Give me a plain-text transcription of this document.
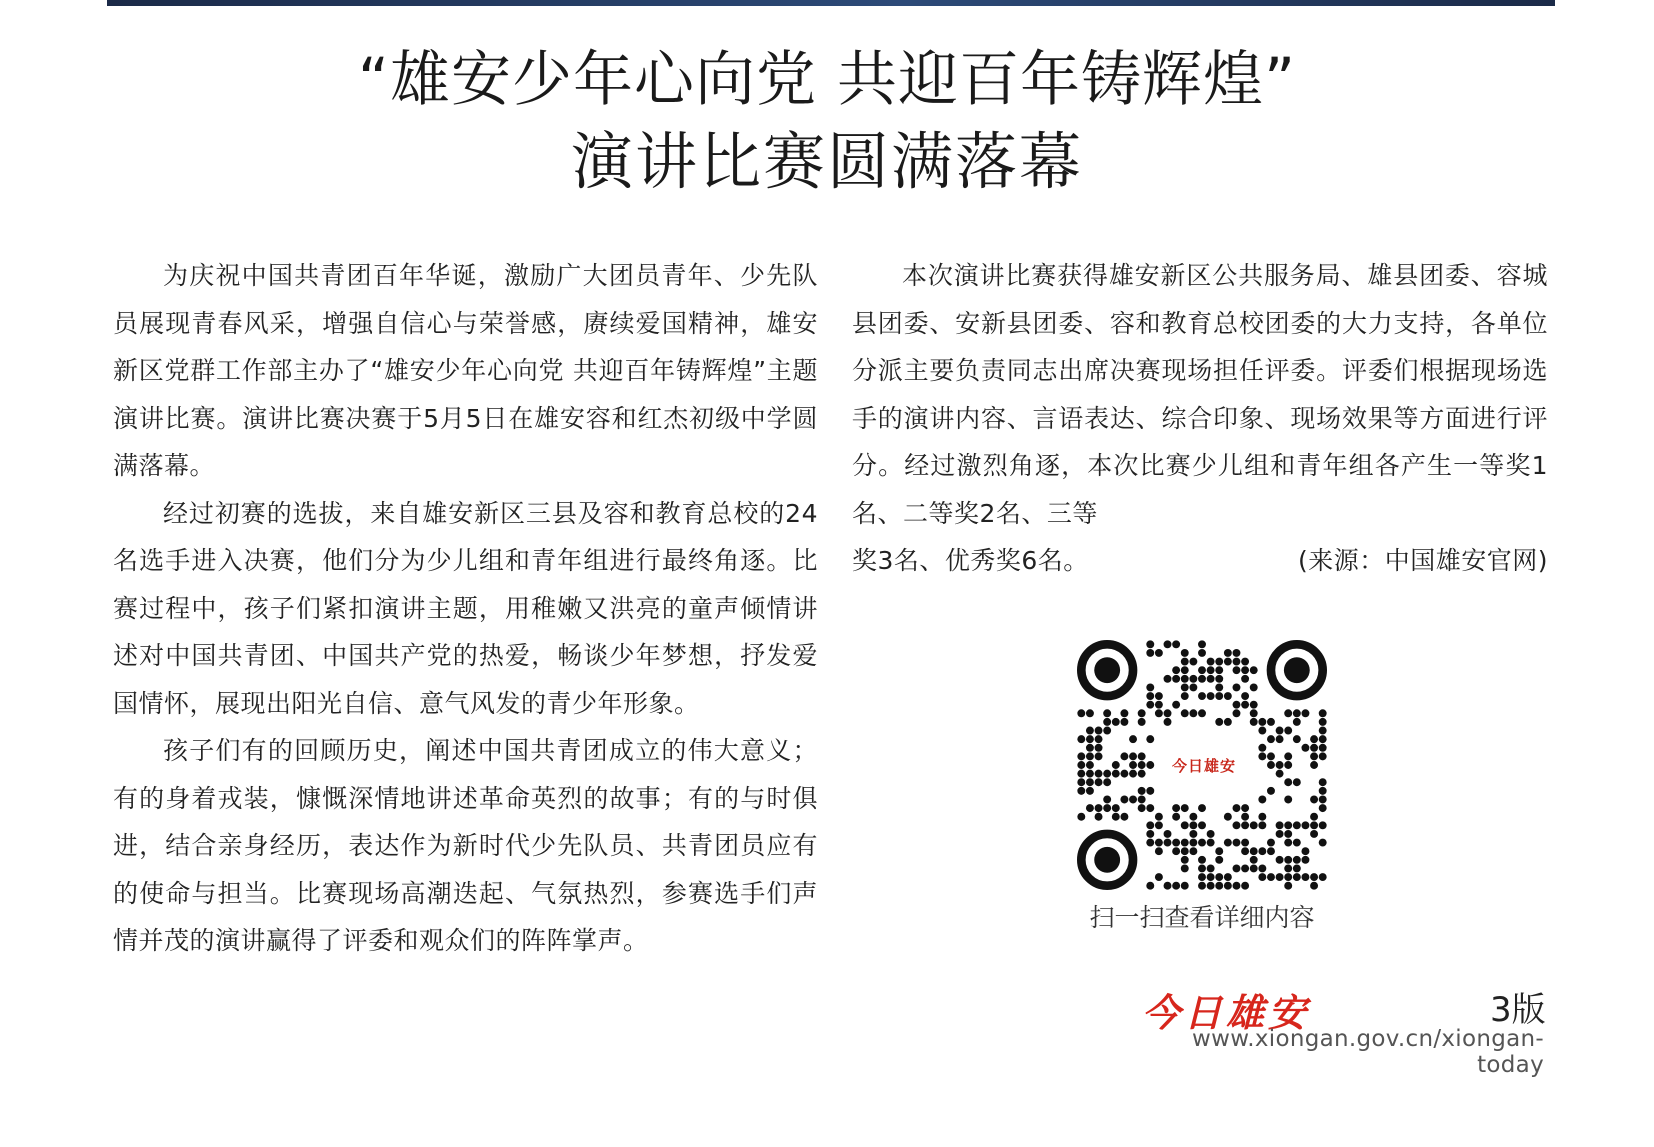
“雄安少年心向党 共迎百年铸辉煌”
演讲比赛圆满落幕

为庆祝中国共青团百年华诞，激励广大团员青年、少先队员展现青春风采，增强自信心与荣誉感，赓续爱国精神，雄安新区党群工作部主办了“雄安少年心向党 共迎百年铸辉煌”主题演讲比赛。演讲比赛决赛于5月5日在雄安容和红杰初级中学圆满落幕。

经过初赛的选拔，来自雄安新区三县及容和教育总校的24名选手进入决赛，他们分为少儿组和青年组进行最终角逐。比赛过程中，孩子们紧扣演讲主题，用稚嫩又洪亮的童声倾情讲述对中国共青团、中国共产党的热爱，畅谈少年梦想，抒发爱国情怀，展现出阳光自信、意气风发的青少年形象。

孩子们有的回顾历史，阐述中国共青团成立的伟大意义；有的身着戎装，慷慨深情地讲述革命英烈的故事；有的与时俱进，结合亲身经历，表达作为新时代少先队员、共青团员应有的使命与担当。比赛现场高潮迭起、气氛热烈，参赛选手们声情并茂的演讲赢得了评委和观众们的阵阵掌声。

本次演讲比赛获得雄安新区公共服务局、雄县团委、容城县团委、安新县团委、容和教育总校团委的大力支持，各单位分派主要负责同志出席决赛现场担任评委。评委们根据现场选手的演讲内容、言语表达、综合印象、现场效果等方面进行评分。经过激烈角逐，本次比赛少儿组和青年组各产生一等奖1名、二等奖2名、三等

奖3名、优秀奖6名。	(来源：中国雄安官网)

今日雄安
扫一扫查看详细内容
今日雄安	3版
www.xiongan.gov.cn/xiongan-today
